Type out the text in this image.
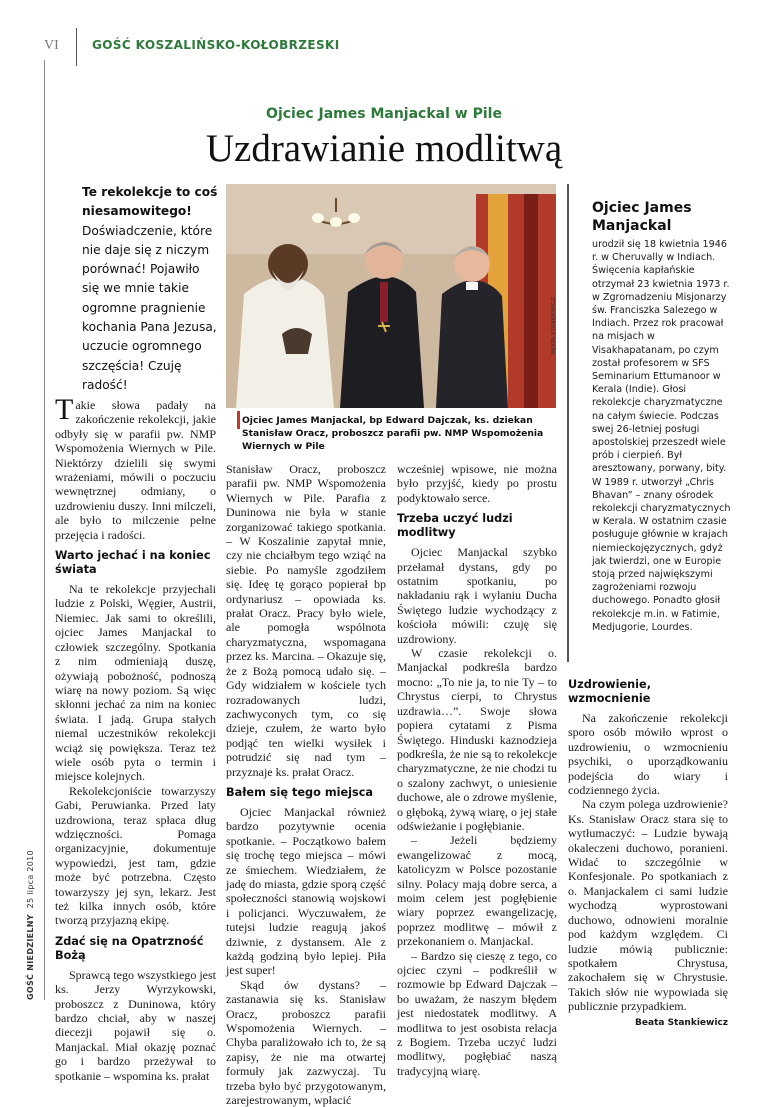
VI	GOŚĆ KOSZALIŃSKO-KOŁOBRZESKI
GOŚĆ NIEDZIELNY  25 lipca 2010
Ojciec James Manjackal w Pile
Uzdrawianie modlitwą
Te rekolekcje to coś niesamowitego! Doświadczenie, które nie daje się z niczym porównać! Pojawiło się we mnie takie ogromne pragnienie kochania Pana Jezusa, uczucie ogromnego szczęścia! Czuję radość!
BEATA STANKIEWICZ
Ojciec James Manjackal, bp Edward Dajczak, ks. dziekan Stanisław Oracz, proboszcz parafii pw. NMP Wspomożenia Wiernych w Pile

Takie słowa padały na zakończenie rekolekcji, jakie odbyły się w parafii pw. NMP Wspomożenia Wiernych w Pile. Niektórzy dzielili się swymi wrażeniami, mówili o poczuciu wewnętrznej odmiany, o uzdrowieniu duszy. Inni milczeli, ale było to milczenie pełne przejęcia i radości.

Warto jechać i na koniec świata

Na te rekolekcje przyjechali ludzie z Polski, Węgier, Austrii, Niemiec. Jak sami to określili, ojciec James Manjackal to człowiek szczególny. Spotkania z nim odmieniają duszę, ożywiają pobożność, podnoszą wiarę na nowy poziom. Są więc skłonni jechać za nim na koniec świata. I jadą. Grupa stałych niemal uczestników rekolekcji wciąż się powiększa. Teraz też wiele osób pyta o termin i miejsce kolejnych.

Rekolekcjoniście towarzyszy Gabi, Peruwianka. Przed laty uzdrowiona, teraz spłaca dług wdzięczności. Pomaga organizacyjnie, dokumentuje wypowiedzi, jest tam, gdzie może być potrzebna. Często towarzyszy jej syn, lekarz. Jest też kilka innych osób, które tworzą przyjazną ekipę.

Zdać się na Opatrzność Bożą

Sprawcą tego wszystkiego jest ks. Jerzy Wyrzykowski, proboszcz z Duninowa, który bardzo chciał, aby w naszej diecezji pojawił się o. Manjackal. Miał okazję poznać go i bardzo przeżywał to spotkanie – wspomina ks. prałat

Stanisław Oracz, proboszcz parafii pw. NMP Wspomożenia Wiernych w Pile. Parafia z Duninowa nie była w stanie zorganizować takiego spotkania. – W Koszalinie zapytał mnie, czy nie chciałbym tego wziąć na siebie. Po namyśle zgodziłem się. Ideę tę gorąco popierał bp ordynariusz – opowiada ks. prałat Oracz. Pracy było wiele, ale pomogła wspólnota charyzmatyczna, wspomagana przez ks. Marcina. – Okazuje się, że z Bożą pomocą udało się. – Gdy widziałem w kościele tych rozradowanych ludzi, zachwyconych tym, co się dzieje, czułem, że warto było podjąć ten wielki wysiłek i potrudzić się nad tym – przyznaje ks. prałat Oracz.

Bałem się tego miejsca

Ojciec Manjackal również bardzo pozytywnie ocenia spotkanie. – Początkowo bałem się trochę tego miejsca – mówi ze śmiechem. Wiedziałem, że jadę do miasta, gdzie sporą część społeczności stanowią wojskowi i policjanci. Wyczuwałem, że tutejsi ludzie reagują jakoś dziwnie, z dystansem. Ale z każdą godziną było lepiej. Piła jest super!

Skąd ów dystans? – zastanawia się ks. Stanisław Oracz, proboszcz parafii Wspomożenia Wiernych. – Chyba paraliżowało ich to, że są zapisy, że nie ma otwartej formuły jak zazwyczaj. Tu trzeba było być przygotowanym, zarejestrowanym, wpłacić

wcześniej wpisowe, nie można było przyjść, kiedy po prostu podyktowało serce.

Trzeba uczyć ludzi modlitwy

Ojciec Manjackal szybko przełamał dystans, gdy po ostatnim spotkaniu, po nakładaniu rąk i wylaniu Ducha Świętego ludzie wychodzący z kościoła mówili: czuję się uzdrowiony.

W czasie rekolekcji o. Manjackal podkreśla bardzo mocno: „To nie ja, to nie Ty – to Chrystus cierpi, to Chrystus uzdrawia…”. Swoje słowa popiera cytatami z Pisma Świętego. Hinduski kaznodzieja podkreśla, że nie są to rekolekcje charyzmatyczne, że nie chodzi tu o szalony zachwyt, o uniesienie duchowe, ale o zdrowe myślenie, o głęboką, żywą wiarę, o jej stałe odświeżanie i pogłębianie.

– Jeżeli będziemy ewangelizować z mocą, katolicyzm w Polsce pozostanie silny. Polacy mają dobre serca, a moim celem jest pogłębienie wiary poprzez ewangelizację, poprzez modlitwę – mówił z przekonaniem o. Manjackal.

– Bardzo się cieszę z tego, co ojciec czyni – podkreślił w rozmowie bp Edward Dajczak – bo uważam, że naszym błędem jest niedostatek modlitwy. A modlitwa to jest osobista relacja z Bogiem. Trzeba uczyć ludzi modlitwy, pogłębiać naszą tradycyjną wiarę.

Ojciec James Manjackal
urodził się 18 kwietnia 1946 r. w Cheruvally w Indiach. Święcenia kapłańskie otrzymał 23 kwietnia 1973 r. w Zgromadzeniu Misjonarzy św. Franciszka Salezego w Indiach. Przez rok pracował na misjach w Visakhapatanam, po czym został profesorem w SFS Seminarium Ettumanoor w Kerala (Indie). Głosi rekolekcje charyzmatyczne na całym świecie. Podczas swej 26-letniej posługi apostolskiej przeszedł wiele prób i cierpień. Był aresztowany, porwany, bity. W 1989 r. utworzył „Chris Bhavan” – znany ośrodek rekolekcji charyzmatycznych w Kerala. W ostatnim czasie posługuje głównie w krajach niemieckojęzycznych, gdyż jak twierdzi, one w Europie stoją przed największymi zagrożeniami rozwoju duchowego. Ponadto głosił rekolekcje m.in. w Fatimie, Medjugorie, Lourdes.
Uzdrowienie, wzmocnienie

Na zakończenie rekolekcji sporo osób mówiło wprost o uzdrowieniu, o wzmocnieniu psychiki, o uporządkowaniu podejścia do wiary i codziennego życia.

Na czym polega uzdrowienie? Ks. Stanisław Oracz stara się to wytłumaczyć: – Ludzie bywają okaleczeni duchowo, poranieni. Widać to szczególnie w Konfesjonale. Po spotkaniach z o. Manjackalem ci sami ludzie wychodzą wyprostowani duchowo, odnowieni moralnie pod każdym względem. Ci ludzie mówią publicznie: spotkałem Chrystusa, zakochałem się w Chrystusie. Takich słów nie wypowiada się publicznie przypadkiem.

Beata Stankiewicz
